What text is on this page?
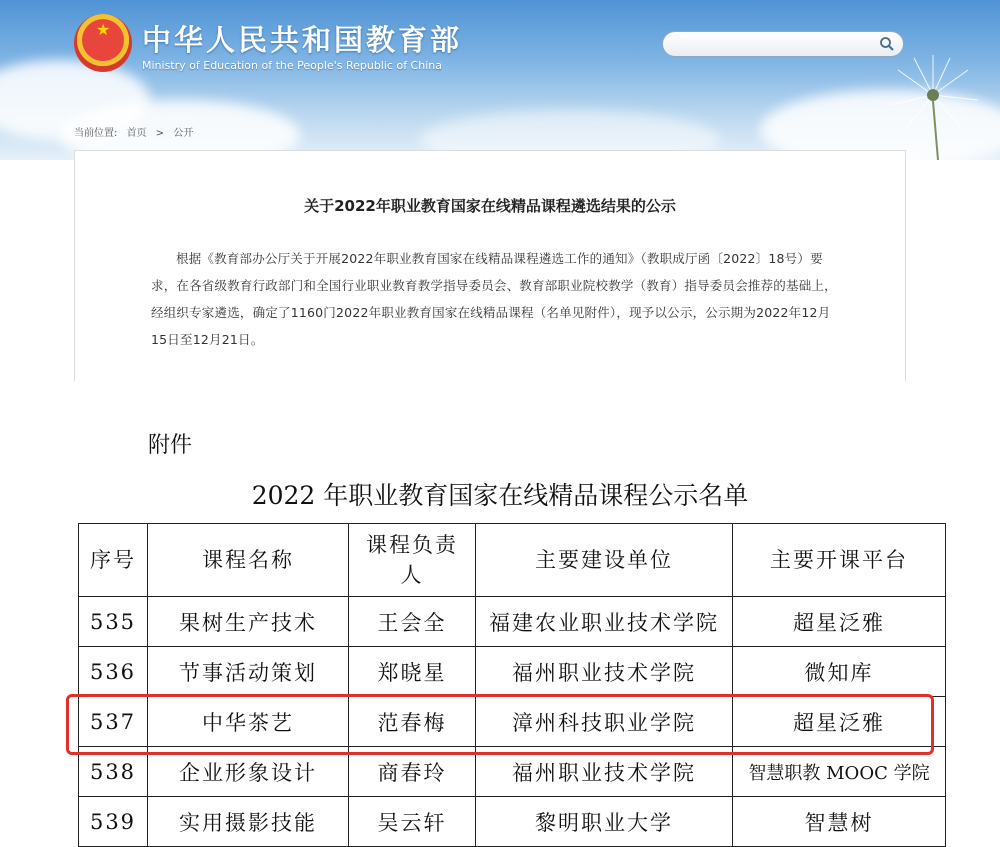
★ 中华人民共和国教育部
Ministry of Education of the People's Republic of China
当前位置: 首页 > 公开
关于2022年职业教育国家在线精品课程遴选结果的公示
根据《教育部办公厅关于开展2022年职业教育国家在线精品课程遴选工作的通知》（教职成厅函〔2022〕18号）要求，在各省级教育行政部门和全国行业职业教育教学指导委员会、教育部职业院校教学（教育）指导委员会推荐的基础上，经组织专家遴选，确定了1160门2022年职业教育国家在线精品课程（名单见附件），现予以公示，公示期为2022年12月15日至12月21日。
附件
2022 年职业教育国家在线精品课程公示名单
序号	课程名称	课程负责人	主要建设单位	主要开课平台
535	果树生产技术	王会全	福建农业职业技术学院	超星泛雅
536	节事活动策划	郑晓星	福州职业技术学院	微知库
537	中华茶艺	范春梅	漳州科技职业学院	超星泛雅
538	企业形象设计	商春玲	福州职业技术学院	智慧职教 MOOC 学院
539	实用摄影技能	吴云轩	黎明职业大学	智慧树
